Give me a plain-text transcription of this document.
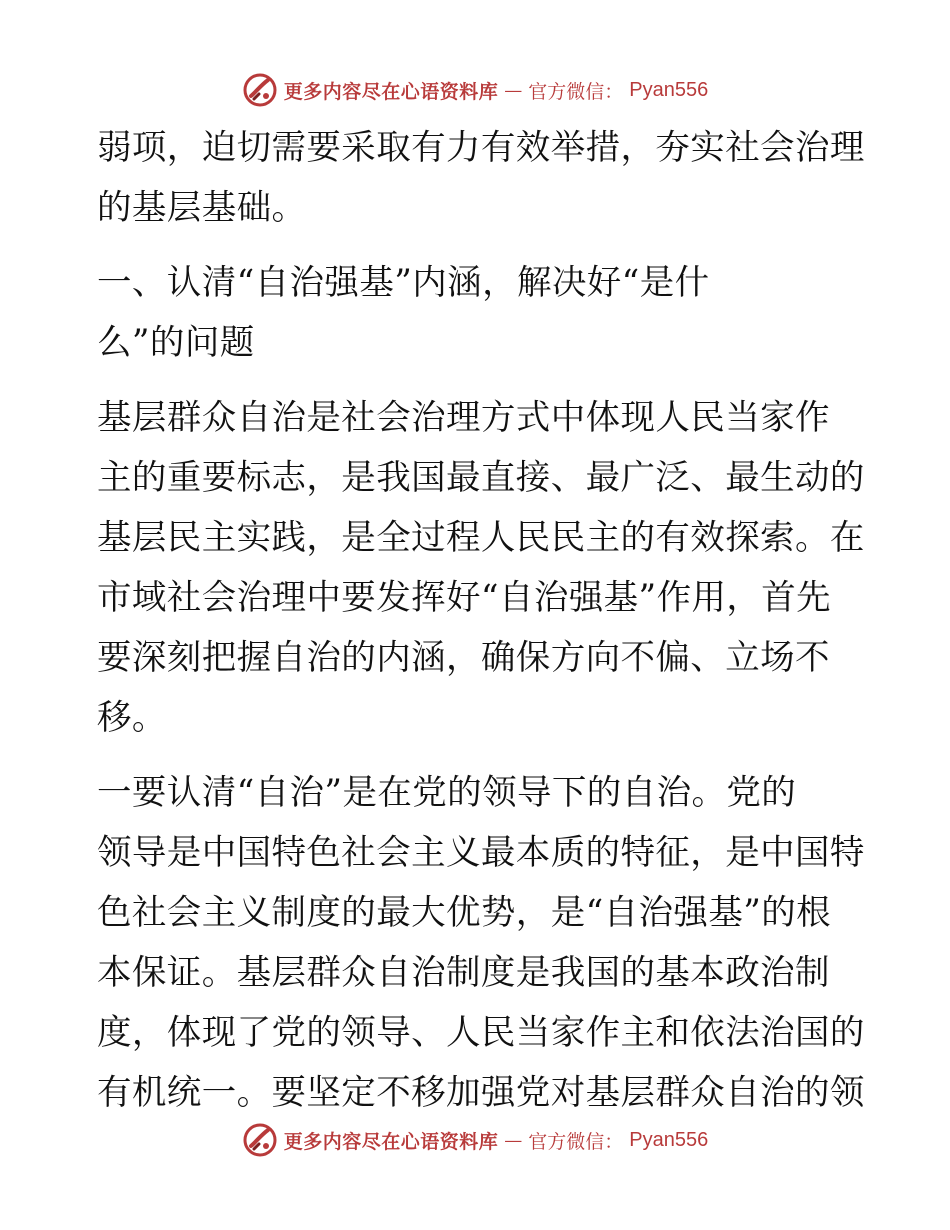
更多内容尽在心语资料库 — 官方微信： Pyan556
弱项，迫切需要采取有力有效举措，夯实社会治理
的基层基础。
一、认清“自治强基”内涵，解决好“是什
么”的问题
基层群众自治是社会治理方式中体现人民当家作
主的重要标志，是我国最直接、最广泛、最生动的
基层民主实践，是全过程人民民主的有效探索。在
市域社会治理中要发挥好“自治强基”作用，首先
要深刻把握自治的内涵，确保方向不偏、立场不
移。
一要认清“自治”是在党的领导下的自治。党的
领导是中国特色社会主义最本质的特征，是中国特
色社会主义制度的最大优势，是“自治强基”的根
本保证。基层群众自治制度是我国的基本政治制
度，体现了党的领导、人民当家作主和依法治国的
有机统一。要坚定不移加强党对基层群众自治的领
更多内容尽在心语资料库 — 官方微信： Pyan556
